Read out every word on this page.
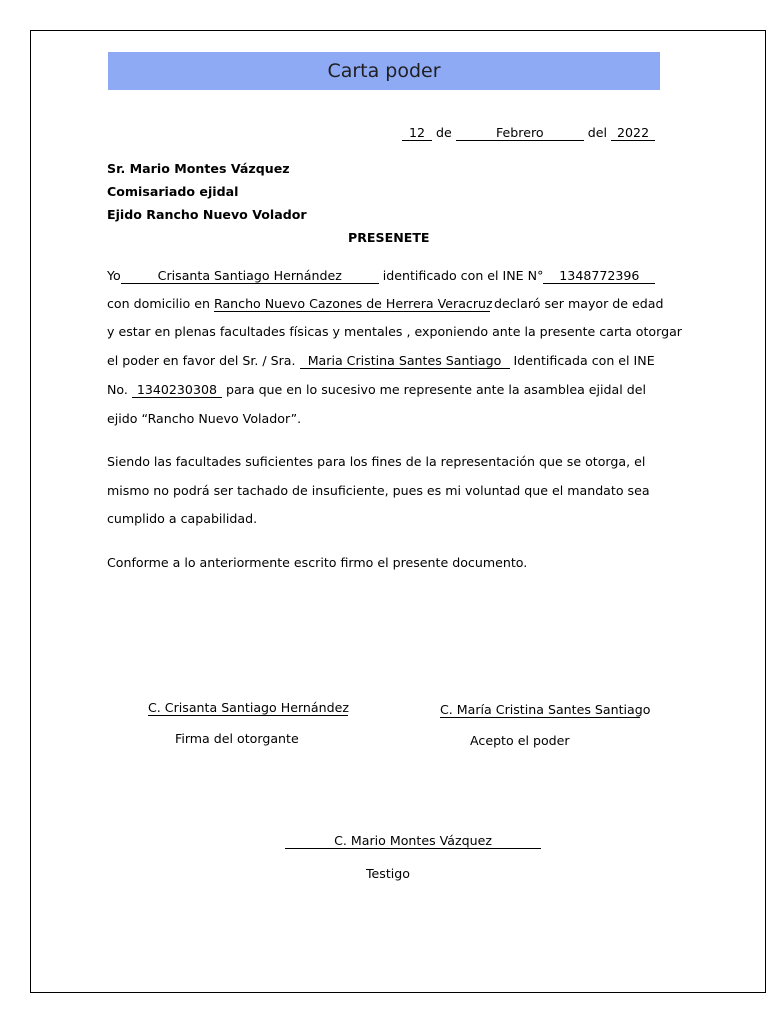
Carta poder
12 de	Febrero	del 2022
Sr. Mario Montes Vázquez
Comisariado ejidal
Ejido Rancho Nuevo Volador
PRESENETE
Yo	Crisanta Santiago Hernández	identificado con el INE N° 1348772396
con domicilio en Rancho Nuevo Cazones de Herrera Veracruz declaró ser mayor de edad
y estar en plenas facultades físicas y mentales , exponiendo ante la presente carta otorgar
el poder en favor del Sr. / Sra. Maria Cristina Santes Santiago Identificada con el INE
No. 1340230308 para que en lo sucesivo me represente ante la asamblea ejidal del
ejido “Rancho Nuevo Volador”.
Siendo las facultades suficientes para los fines de la representación que se otorga, el
mismo no podrá ser tachado de insuficiente, pues es mi voluntad que el mandato sea
cumplido a capabilidad.
Conforme a lo anteriormente escrito firmo el presente documento.
C. Crisanta Santiago Hernández
Firma del otorgante
C. María Cristina Santes Santiago
Acepto el poder
C. Mario Montes Vázquez
Testigo
